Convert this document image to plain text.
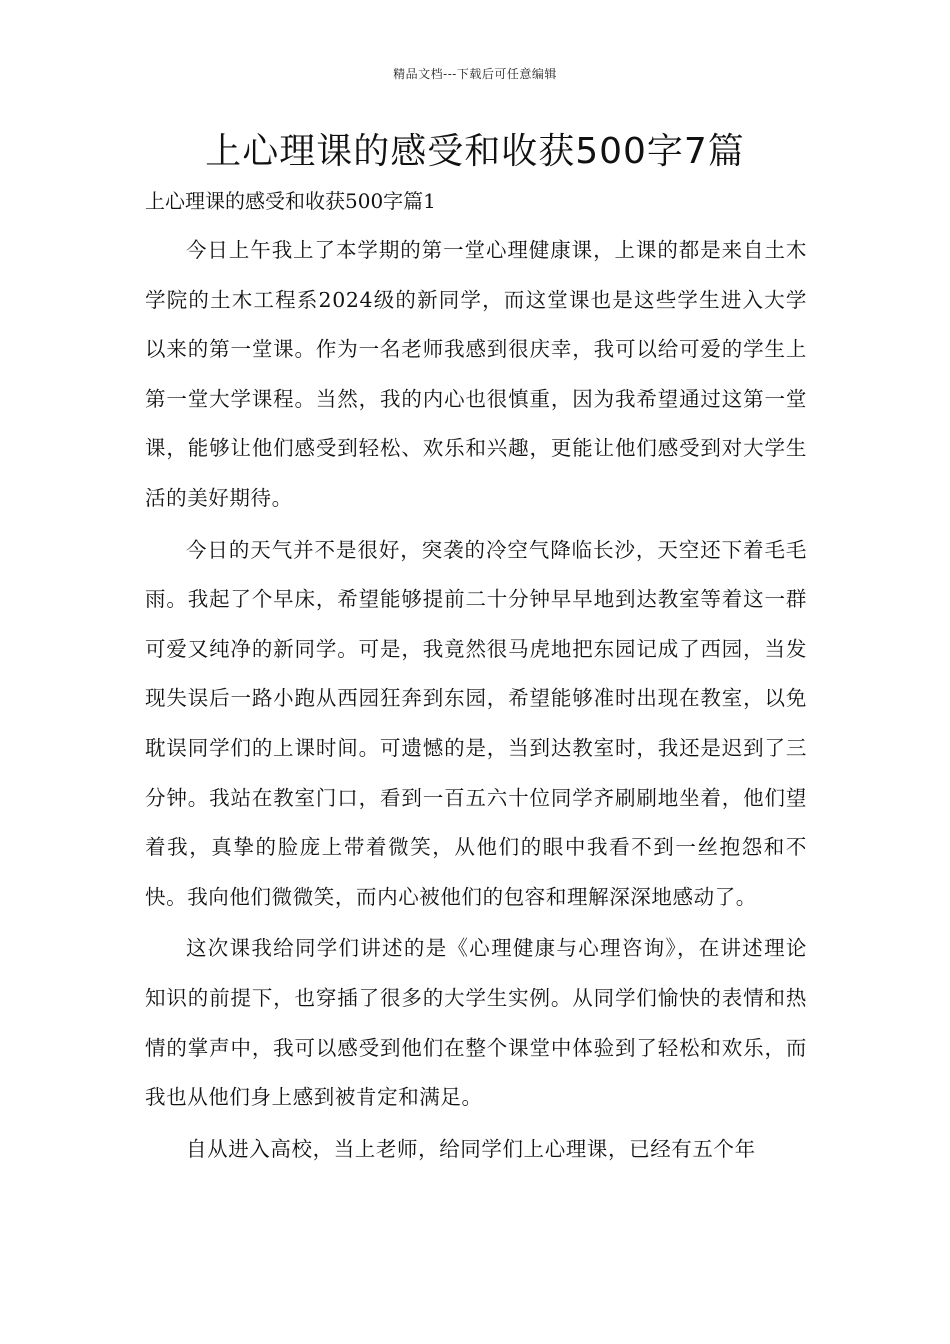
精品文档---下载后可任意编辑
上心理课的感受和收获500字7篇
上心理课的感受和收获500字篇1

今日上午我上了本学期的第一堂心理健康课，上课的都是来自土木学院的土木工程系2024级的新同学，而这堂课也是这些学生进入大学以来的第一堂课。作为一名老师我感到很庆幸，我可以给可爱的学生上第一堂大学课程。当然，我的内心也很慎重，因为我希望通过这第一堂课，能够让他们感受到轻松、欢乐和兴趣，更能让他们感受到对大学生活的美好期待。

今日的天气并不是很好，突袭的冷空气降临长沙，天空还下着毛毛雨。我起了个早床，希望能够提前二十分钟早早地到达教室等着这一群可爱又纯净的新同学。可是，我竟然很马虎地把东园记成了西园，当发现失误后一路小跑从西园狂奔到东园，希望能够准时出现在教室，以免耽误同学们的上课时间。可遗憾的是，当到达教室时，我还是迟到了三分钟。我站在教室门口，看到一百五六十位同学齐刷刷地坐着，他们望着我，真挚的脸庞上带着微笑，从他们的眼中我看不到一丝抱怨和不快。我向他们微微笑，而内心被他们的包容和理解深深地感动了。

这次课我给同学们讲述的是《心理健康与心理咨询》，在讲述理论知识的前提下，也穿插了很多的大学生实例。从同学们愉快的表情和热情的掌声中，我可以感受到他们在整个课堂中体验到了轻松和欢乐，而我也从他们身上感到被肯定和满足。

自从进入高校，当上老师，给同学们上心理课，已经有五个年
